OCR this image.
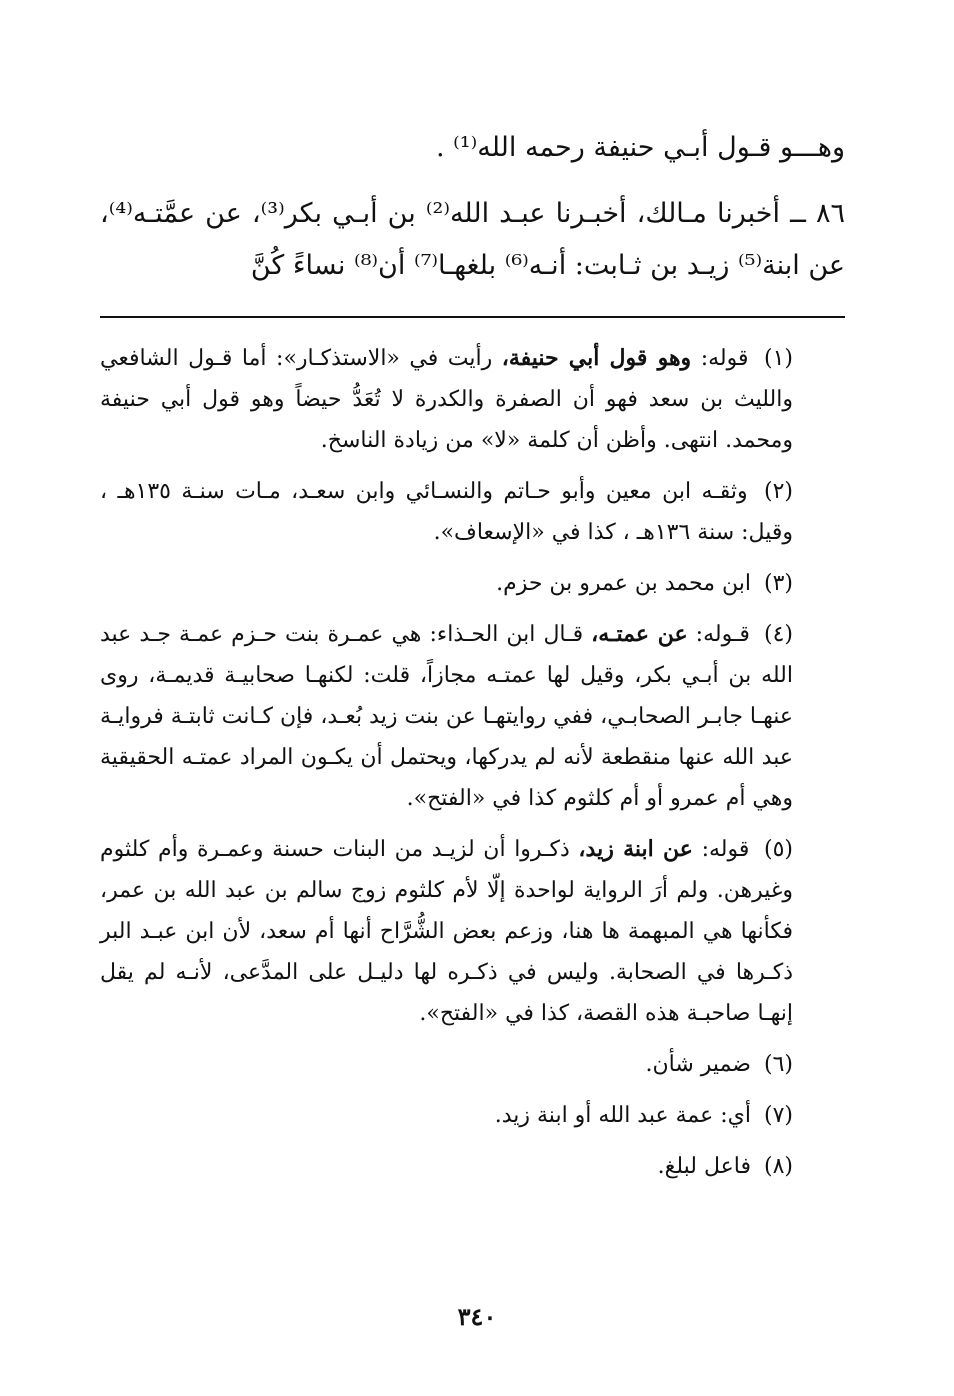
وهـــو قـول أبـي حنيفة رحمه الله⁽¹⁾ .

٨٦ ــ أخبرنا مـالك، أخبـرنا عبـد الله⁽²⁾ بن أبـي بكر⁽³⁾، عن عمَّتـه⁽⁴⁾، عن ابنة⁽⁵⁾ زيـد بن ثـابت: أنـه⁽⁶⁾ بلغهـا⁽⁷⁾ أن⁽⁸⁾ نساءً كُنَّ

(١) قوله: وهو قول أبي حنيفة، رأيت في «الاستذكـار»: أما قـول الشافعي والليث بن سعد فهو أن الصفرة والكدرة لا تُعَدُّ حيضاً وهو قول أبي حنيفة ومحمد. انتهى. وأظن أن كلمة «لا» من زيادة الناسخ.

(٢) وثقـه ابن معين وأبو حـاتم والنسـائي وابن سعـد، مـات سنـة ١٣٥هـ ، وقيل: سنة ١٣٦هـ ، كذا في «الإسعاف».

(٣) ابن محمد بن عمرو بن حزم.

(٤) قـوله: عن عمتـه، قـال ابن الحـذاء: هي عمـرة بنت حـزم عمـة جـد عبد الله بن أبـي بكر، وقيل لها عمتـه مجازاً، قلت: لكنهـا صحابيـة قديمـة، روى عنهـا جابـر الصحابـي، ففي روايتهـا عن بنت زيد بُعـد، فإن كـانت ثابتـة فروايـة عبد الله عنها منقطعة لأنه لم يدركها، ويحتمل أن يكـون المراد عمتـه الحقيقية وهي أم عمرو أو أم كلثوم كذا في «الفتح».

(٥) قوله: عن ابنة زيد، ذكـروا أن لزيـد من البنات حسنة وعمـرة وأم كلثوم وغيرهن. ولم أرَ الرواية لواحدة إلّا لأم كلثوم زوج سالم بن عبد الله بن عمر، فكأنها هي المبهمة ها هنا، وزعم بعض الشُّرَّاح أنها أم سعد، لأن ابن عبـد البر ذكـرها في الصحابة. وليس في ذكـره لها دليـل على المدَّعى، لأنـه لم يقل إنهـا صاحبـة هذه القصة، كذا في «الفتح».

(٦) ضمير شأن.

(٧) أي: عمة عبد الله أو ابنة زيد.

(٨) فاعل لبلغ.

٣٤٠
